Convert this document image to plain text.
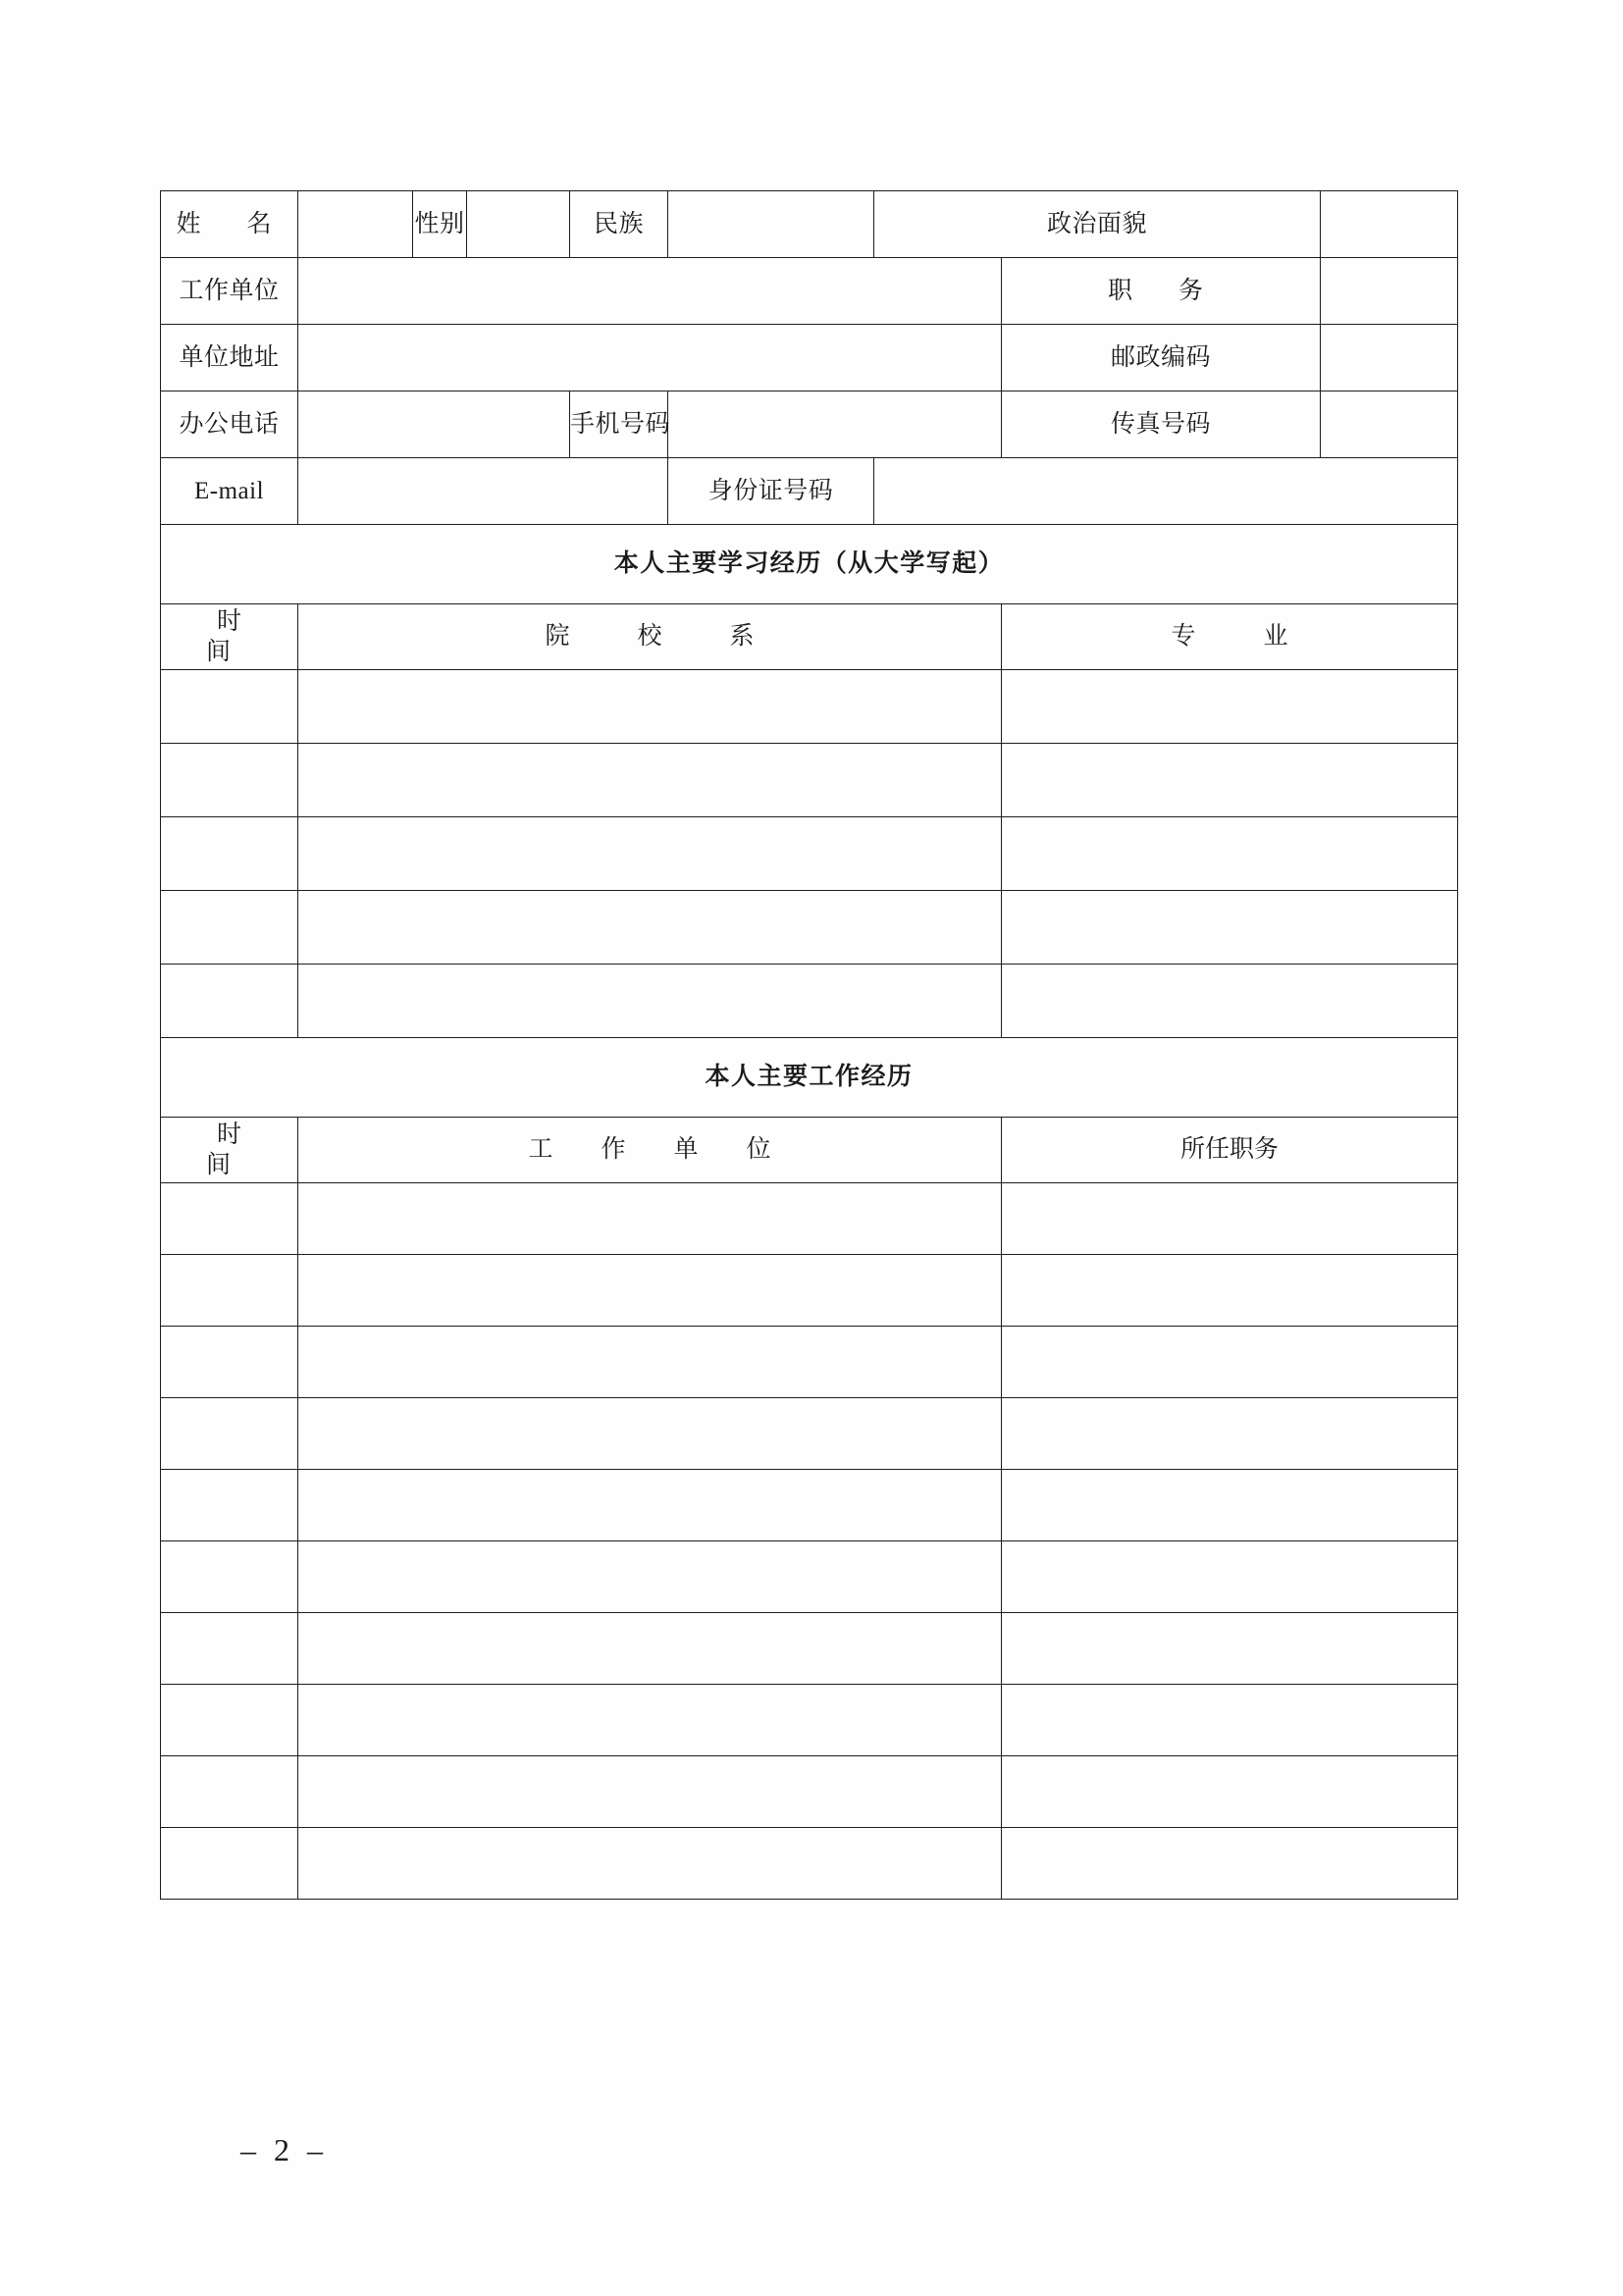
姓　名		性别		民族		政治面貌		
工作单位							职　务	
单位地址							邮政编码	
办公电话				手机号码			传真号码	
E-mail					身份证号码			
本人主要学习经历（从大学写起）								
时　间	院　校　系						专　业	

本人主要工作经历								
时　间	工　作　单　位						所任职务	

– 2 –
